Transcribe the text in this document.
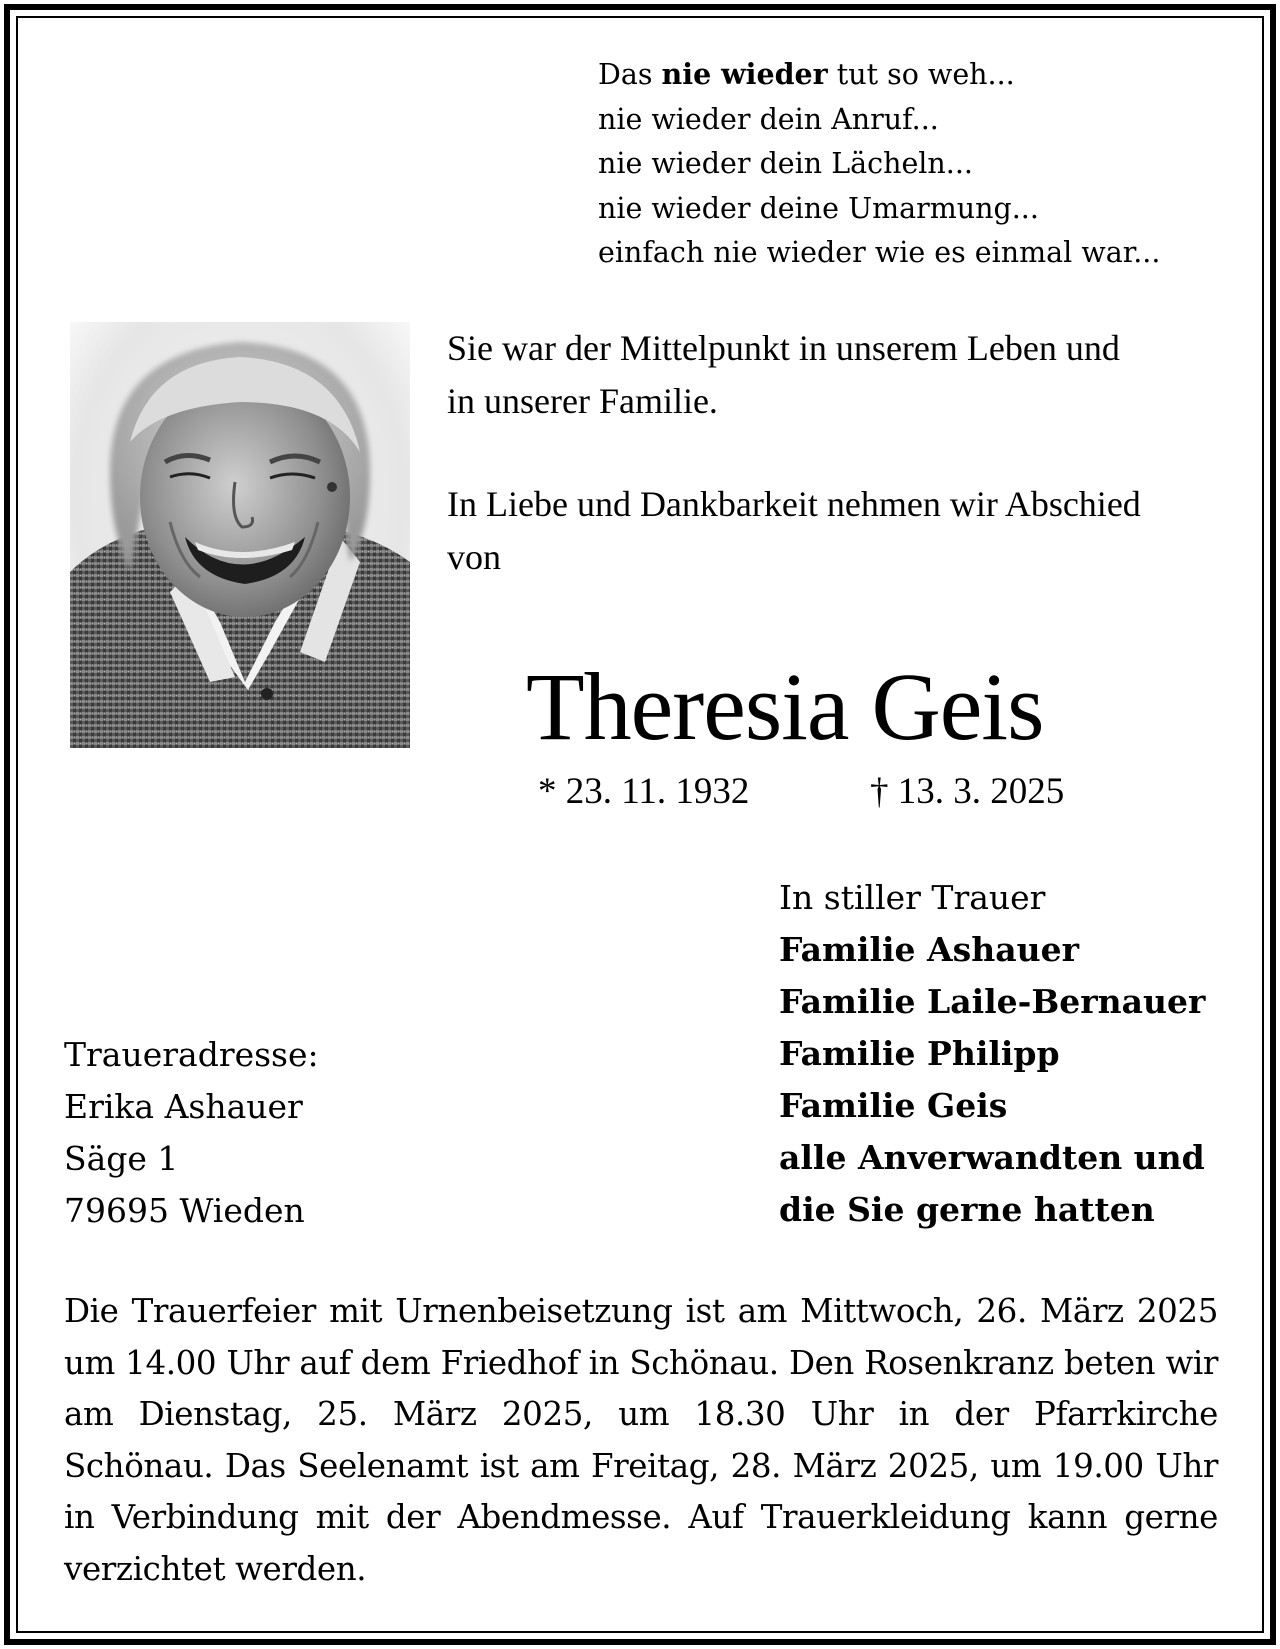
Das nie wieder tut so weh...
nie wieder dein Anruf...
nie wieder dein Lächeln...
nie wieder deine Umarmung...
einfach nie wieder wie es einmal war...
Sie war der Mittelpunkt in unserem Leben und
in unserer Familie.
In Liebe und Dankbarkeit nehmen wir Abschied
von
Theresia Geis
* 23. 11. 1932	† 13. 3. 2025
In stiller Trauer
Familie Ashauer
Familie Laile-Bernauer
Familie Philipp
Familie Geis
alle Anverwandten und
die Sie gerne hatten
Traueradresse:
Erika Ashauer
Säge 1
79695 Wieden
Die Trauerfeier mit Urnenbeisetzung ist am Mittwoch, 26. März 2025 um 14.00 Uhr auf dem Friedhof in Schönau. Den Rosenkranz beten wir am Dienstag, 25. März 2025, um 18.30 Uhr in der Pfarrkirche Schönau. Das Seelenamt ist am Freitag, 28. März 2025, um 19.00 Uhr in Verbindung mit der Abendmesse. Auf Trauerkleidung kann gerne verzichtet werden.
